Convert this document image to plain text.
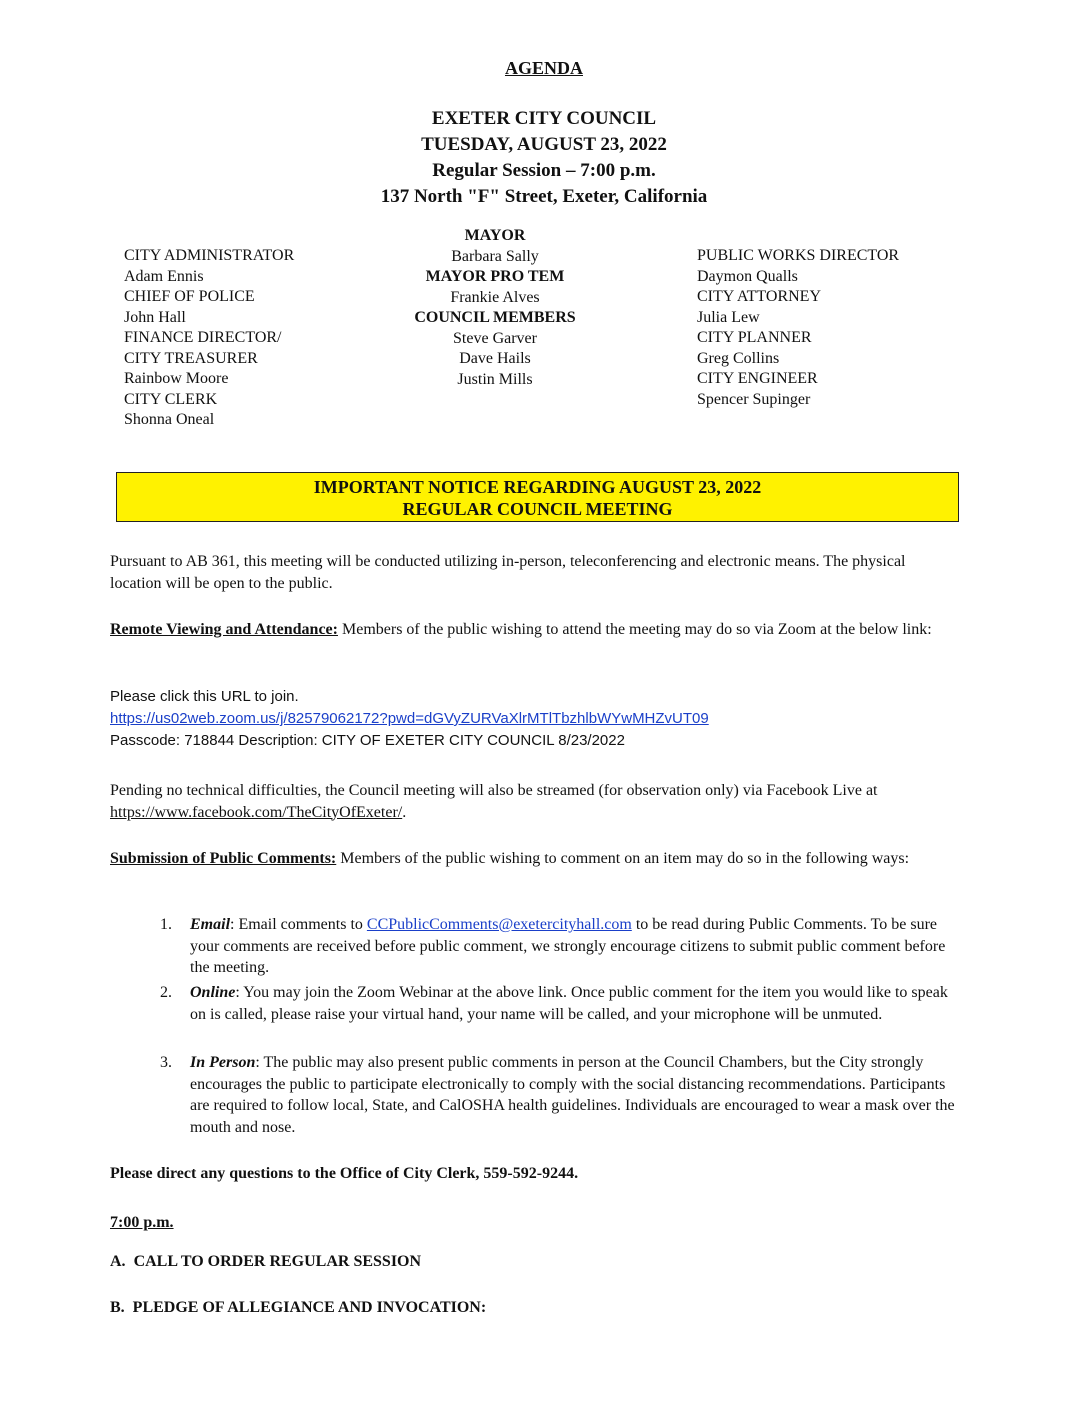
AGENDA
EXETER CITY COUNCIL
TUESDAY, AUGUST 23, 2022
Regular Session – 7:00 p.m.
137 North "F" Street, Exeter, California
CITY ADMINISTRATOR
Adam Ennis
CHIEF OF POLICE
John Hall
FINANCE DIRECTOR/
CITY TREASURER
Rainbow Moore
CITY CLERK
Shonna Oneal
MAYOR
Barbara Sally
MAYOR PRO TEM
Frankie Alves
COUNCIL MEMBERS
Steve Garver
Dave Hails
Justin Mills
PUBLIC WORKS DIRECTOR
Daymon Qualls
CITY ATTORNEY
Julia Lew
CITY PLANNER
Greg Collins
CITY ENGINEER
Spencer Supinger
IMPORTANT NOTICE REGARDING AUGUST 23, 2022
REGULAR COUNCIL MEETING
Pursuant to AB 361, this meeting will be conducted utilizing in-person, teleconferencing and electronic means. The physical location will be open to the public.
Remote Viewing and Attendance: Members of the public wishing to attend the meeting may do so via Zoom at the below link:
Please click this URL to join.
https://us02web.zoom.us/j/82579062172?pwd=dGVyZURVaXlrMTlTbzhlbWYwMHZvUT09
Passcode: 718844 Description: CITY OF EXETER CITY COUNCIL 8/23/2022
Pending no technical difficulties, the Council meeting will also be streamed (for observation only) via Facebook Live at https://www.facebook.com/TheCityOfExeter/.
Submission of Public Comments: Members of the public wishing to comment on an item may do so in the following ways:
1. Email: Email comments to CCPublicComments@exetercityhall.com to be read during Public Comments. To be sure your comments are received before public comment, we strongly encourage citizens to submit public comment before the meeting.
2. Online: You may join the Zoom Webinar at the above link. Once public comment for the item you would like to speak on is called, please raise your virtual hand, your name will be called, and your microphone will be unmuted.
3. In Person: The public may also present public comments in person at the Council Chambers, but the City strongly encourages the public to participate electronically to comply with the social distancing recommendations. Participants are required to follow local, State, and CalOSHA health guidelines. Individuals are encouraged to wear a mask over the mouth and nose.
Please direct any questions to the Office of City Clerk, 559-592-9244.
7:00 p.m.
A. CALL TO ORDER REGULAR SESSION
B. PLEDGE OF ALLEGIANCE AND INVOCATION:
